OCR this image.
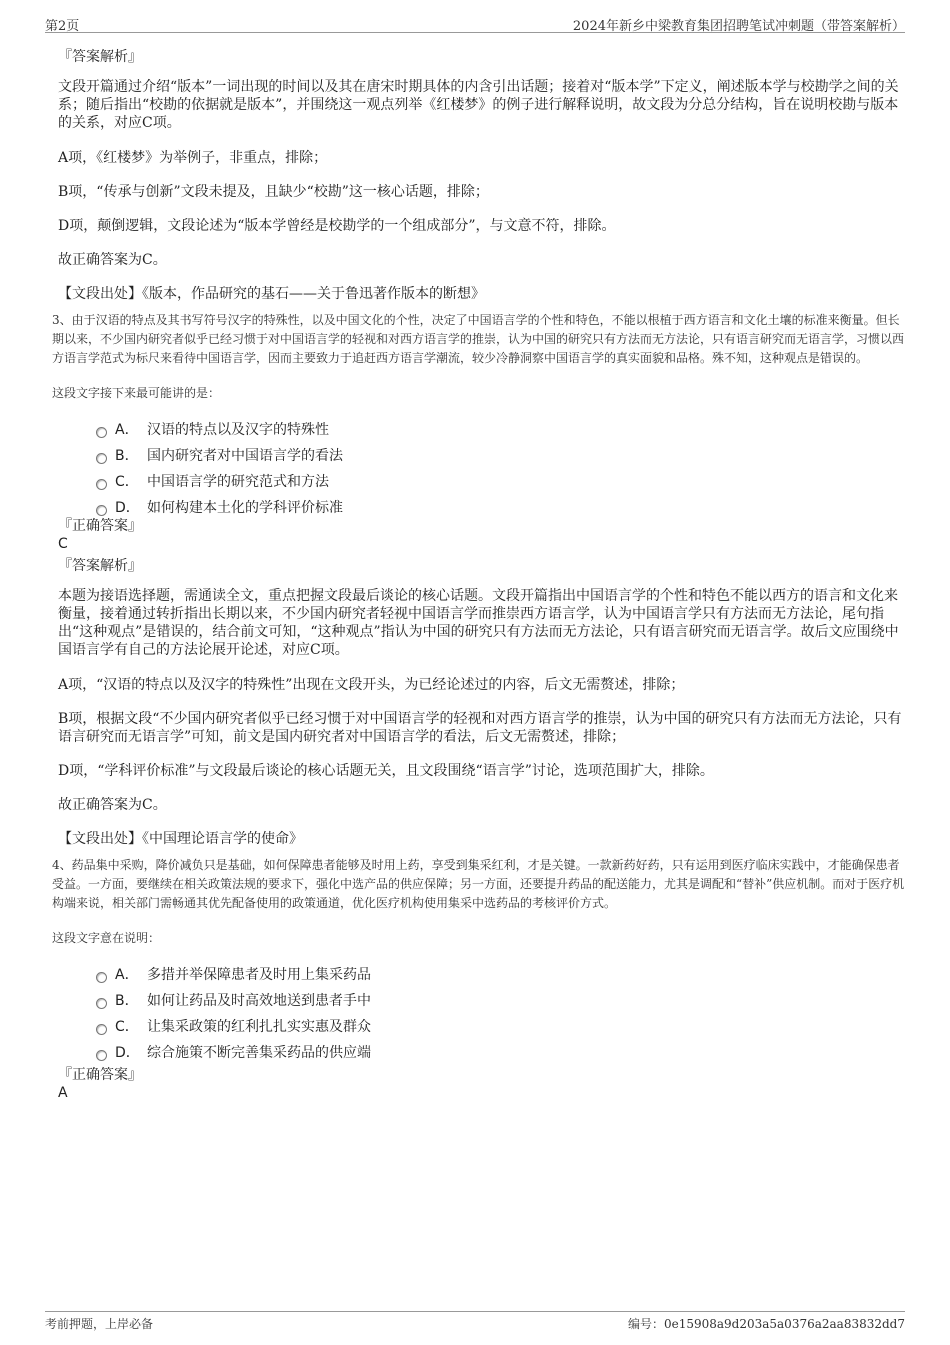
第2页	2024年新乡中梁教育集团招聘笔试冲刺题（带答案解析）
『答案解析』
文段开篇通过介绍“版本”一词出现的时间以及其在唐宋时期具体的内含引出话题；接着对“版本学”下定义，阐述版本学与校勘学之间的关系；随后指出“校勘的依据就是版本”，并围绕这一观点列举《红楼梦》的例子进行解释说明，故文段为分总分结构，旨在说明校勘与版本的关系，对应C项。
A项，《红楼梦》为举例子，非重点，排除；
B项，“传承与创新”文段未提及，且缺少“校勘”这一核心话题，排除；
D项，颠倒逻辑，文段论述为“版本学曾经是校勘学的一个组成部分”，与文意不符，排除。
故正确答案为C。
【文段出处】《版本，作品研究的基石——关于鲁迅著作版本的断想》
3、由于汉语的特点及其书写符号汉字的特殊性，以及中国文化的个性，决定了中国语言学的个性和特色，不能以根植于西方语言和文化土壤的标准来衡量。但长期以来，不少国内研究者似乎已经习惯于对中国语言学的轻视和对西方语言学的推崇，认为中国的研究只有方法而无方法论，只有语言研究而无语言学，习惯以西方语言学范式为标尺来看待中国语言学，因而主要致力于追赶西方语言学潮流，较少冷静洞察中国语言学的真实面貌和品格。殊不知，这种观点是错误的。
这段文字接下来最可能讲的是：
A． 汉语的特点以及汉字的特殊性
B． 国内研究者对中国语言学的看法
C． 中国语言学的研究范式和方法
D． 如何构建本土化的学科评价标准
『正确答案』
C
『答案解析』
本题为接语选择题，需通读全文，重点把握文段最后谈论的核心话题。文段开篇指出中国语言学的个性和特色不能以西方的语言和文化来衡量，接着通过转折指出长期以来，不少国内研究者轻视中国语言学而推崇西方语言学，认为中国语言学只有方法而无方法论，尾句指出“这种观点”是错误的，结合前文可知，“这种观点”指认为中国的研究只有方法而无方法论，只有语言研究而无语言学。故后文应围绕中国语言学有自己的方法论展开论述，对应C项。
A项，“汉语的特点以及汉字的特殊性”出现在文段开头，为已经论述过的内容，后文无需赘述，排除；
B项，根据文段“不少国内研究者似乎已经习惯于对中国语言学的轻视和对西方语言学的推崇，认为中国的研究只有方法而无方法论，只有语言研究而无语言学”可知，前文是国内研究者对中国语言学的看法，后文无需赘述，排除；
D项，“学科评价标准”与文段最后谈论的核心话题无关，且文段围绕“语言学”讨论，选项范围扩大，排除。
故正确答案为C。
【文段出处】《中国理论语言学的使命》
4、药品集中采购，降价减负只是基础，如何保障患者能够及时用上药，享受到集采红利，才是关键。一款新药好药，只有运用到医疗临床实践中，才能确保患者受益。一方面，要继续在相关政策法规的要求下，强化中选产品的供应保障；另一方面，还要提升药品的配送能力，尤其是调配和“替补”供应机制。而对于医疗机构端来说，相关部门需畅通其优先配备使用的政策通道，优化医疗机构使用集采中选药品的考核评价方式。
这段文字意在说明：
A． 多措并举保障患者及时用上集采药品
B． 如何让药品及时高效地送到患者手中
C． 让集采政策的红利扎扎实实惠及群众
D． 综合施策不断完善集采药品的供应端
『正确答案』
A
考前押题，上岸必备	编号：0e15908a9d203a5a0376a2aa83832dd7
